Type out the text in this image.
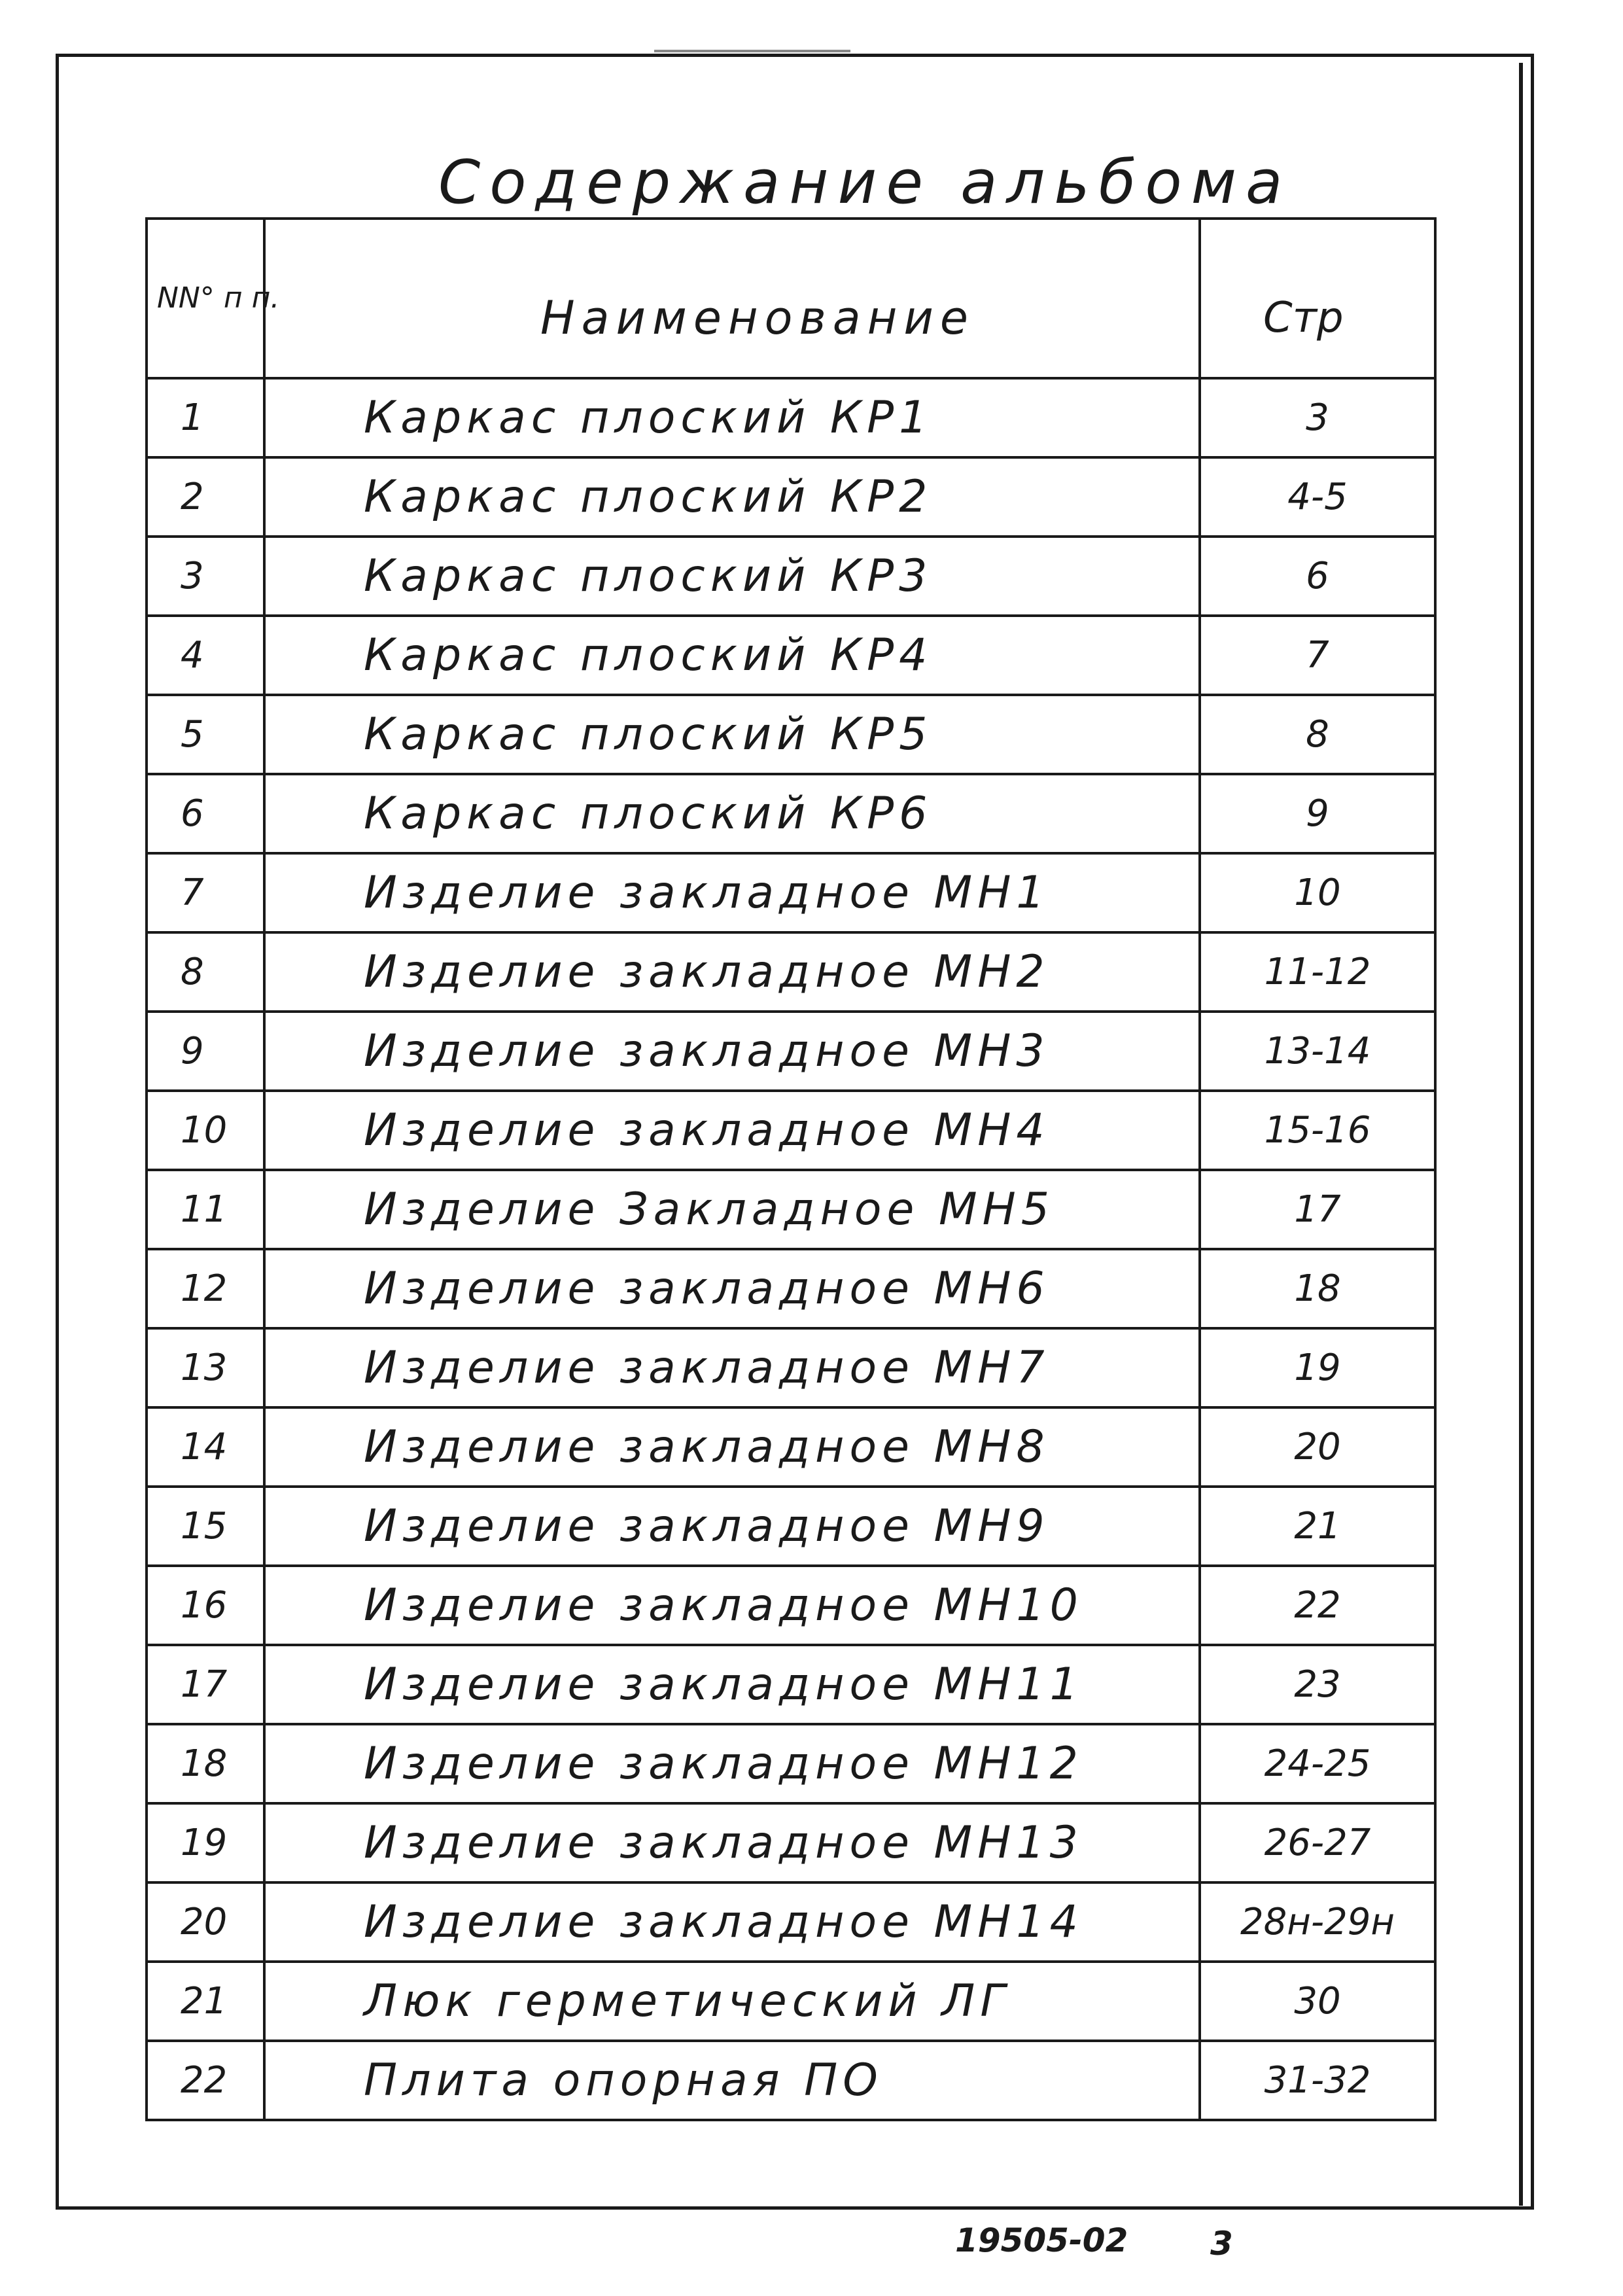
Содержание альбома
NN° п п.	Наименование	Стр
1	Каркас плоский КР1	3
2	Каркас плоский КР2	4-5
3	Каркас плоский КР3	6
4	Каркас плоский КР4	7
5	Каркас плоский КР5	8
6	Каркас плоский КР6	9
7	Изделие закладное МН1	10
8	Изделие закладное МН2	11-12
9	Изделие закладное МН3	13-14
10	Изделие закладное МН4	15-16
11	Изделие Закладное МН5	17
12	Изделие закладное МН6	18
13	Изделие закладное МН7	19
14	Изделие закладное МН8	20
15	Изделие закладное МН9	21
16	Изделие закладное МН10	22
17	Изделие закладное МН11	23
18	Изделие закладное МН12	24-25
19	Изделие закладное МН13	26-27
20	Изделие закладное МН14	28н-29н
21	Люк герметический ЛГ	30
22	Плита опорная ПО	31-32
19505-02	3
